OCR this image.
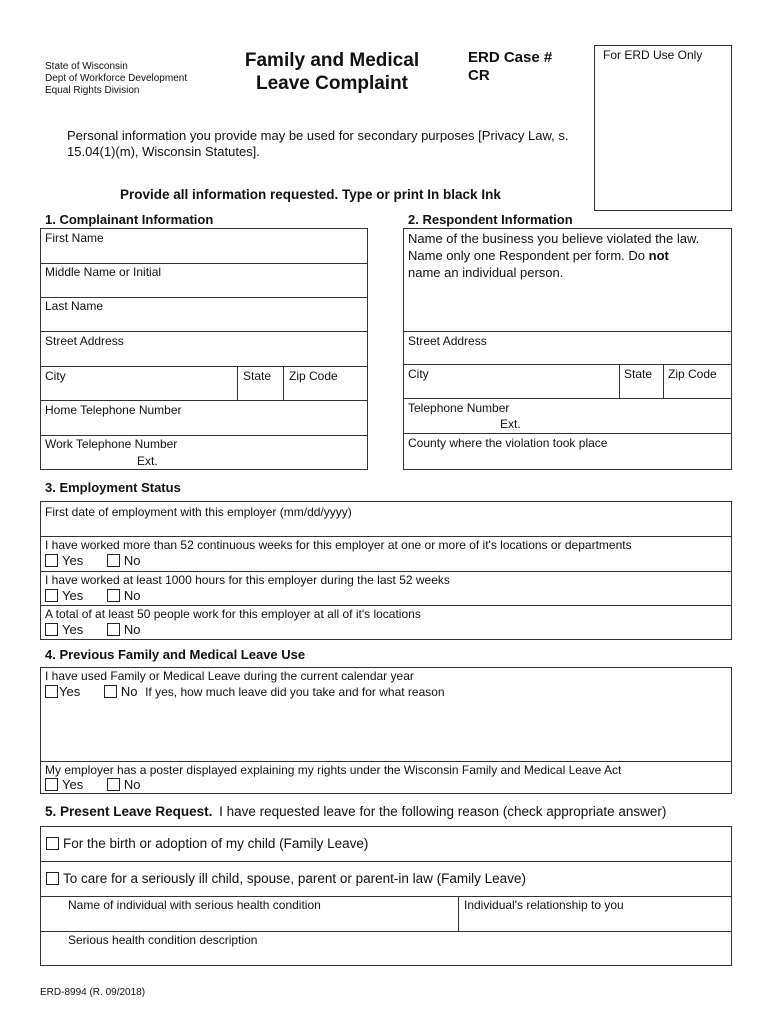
State of Wisconsin
Dept of Workforce Development
Equal Rights Division
Family and Medical
Leave Complaint
ERD Case #
CR
For ERD Use Only
Personal information you provide may be used for secondary purposes [Privacy Law, s.
15.04(1)(m), Wisconsin Statutes].
Provide all information requested. Type or print In black Ink
1. Complainant Information
First Name
Middle Name or Initial
Last Name
Street Address
City	State Zip Code
Home Telephone Number
Work Telephone Number
Ext.
2. Respondent Information
Name of the business you believe violated the law.
Name only one Respondent per form. Do not
name an individual person.
Street Address
City	State Zip Code
Telephone Number
Ext.
County where the violation took place
3. Employment Status
First date of employment with this employer (mm/dd/yyyy)
I have worked more than 52 continuous weeks for this employer at one or more of it's locations or departments
Yes	No
I have worked at least 1000 hours for this employer during the last 52 weeks
Yes	No
A total of at least 50 people work for this employer at all of it's locations
Yes	No
4. Previous Family and Medical Leave Use
I have used Family or Medical Leave during the current calendar year
Yes	No If yes, how much leave did you take and for what reason
My employer has a poster displayed explaining my rights under the Wisconsin Family and Medical Leave Act
Yes	No
5. Present Leave Request. I have requested leave for the following reason (check appropriate answer)
For the birth or adoption of my child (Family Leave)
To care for a seriously ill child, spouse, parent or parent-in law (Family Leave)
Name of individual with serious health condition	Individual's relationship to you
Serious health condition description
ERD-8994 (R. 09/2018)
